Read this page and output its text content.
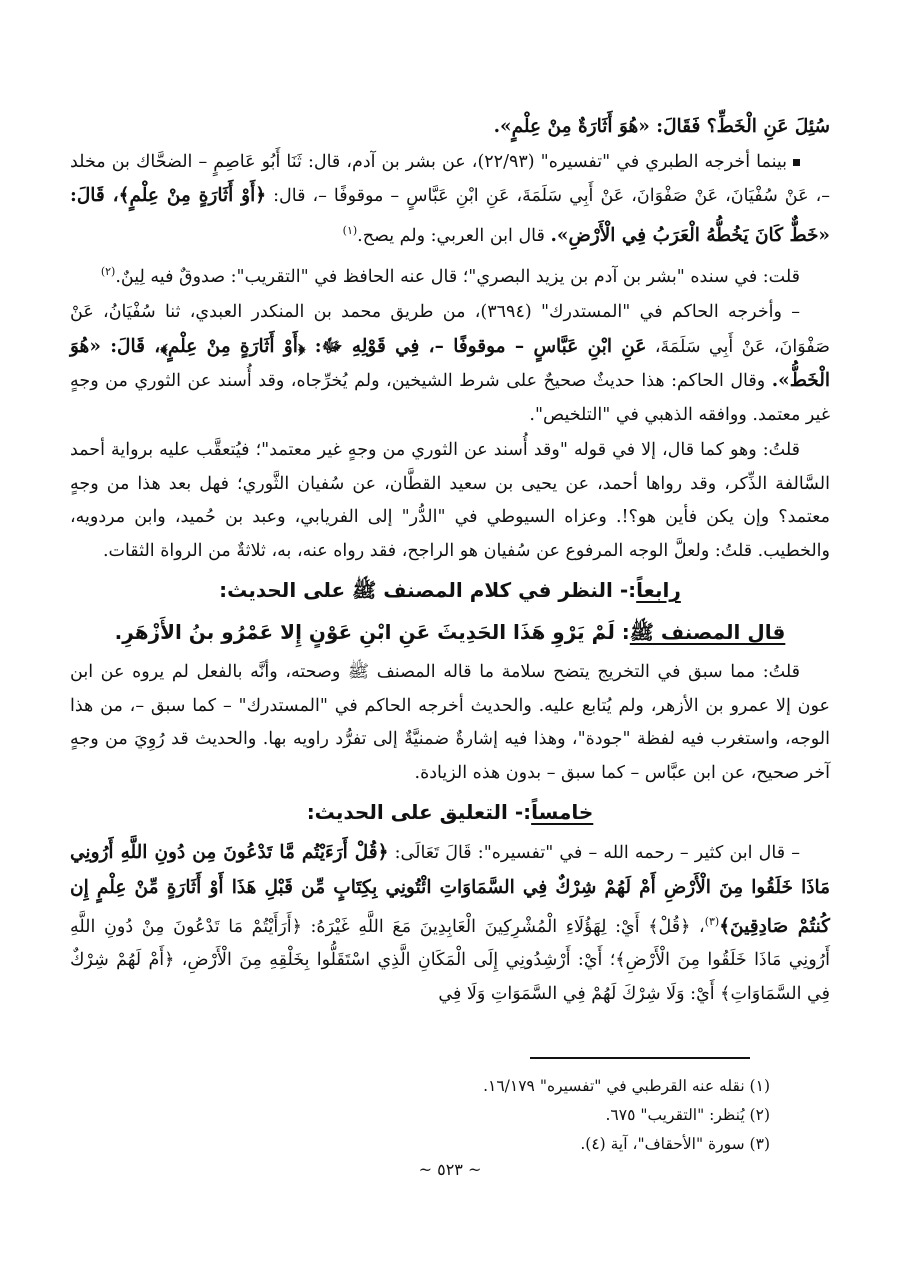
سُئِلَ عَنِ الْخَطِّ؟ فَقَالَ: «هُوَ أَثَارَةٌ مِنْ عِلْمٍ».

بينما أخرجه الطبري في "تفسيره" (٢٢/٩٣)، عن بشر بن آدم، قال: ثَنَا أَبُو عَاصِمٍ – الضحَّاك بن مخلد –، عَنْ سُفْيَانَ، عَنْ صَفْوَانَ، عَنْ أَبِي سَلَمَةَ، عَنِ ابْنِ عَبَّاسٍ – موقوفًا –، قال: ﴿أَوْ أَثَارَةٍ مِنْ عِلْمٍ﴾، قَالَ: «خَطٌّ كَانَ يَخُطُّهُ الْعَرَبُ فِي الْأَرْضِ». قال ابن العربي: ولم يصح.$^{(١)}$

قلت: في سنده "بشر بن آدم بن يزيد البصري"؛ قال عنه الحافظ في "التقريب": صدوقٌ فيه لِينٌ.$^{(٢)}$

– وأخرجه الحاكم في "المستدرك" (٣٦٩٤)، من طريق محمد بن المنكدر العبدي، ثنا سُفْيَانُ، عَنْ صَفْوَانَ، عَنْ أَبِي سَلَمَةَ، عَنِ ابْنِ عَبَّاسٍ – موقوفًا –، فِي قَوْلِهِ ﷻ: ﴿أَوْ أَثَارَةٍ مِنْ عِلْمٍ﴾، قَالَ: «هُوَ الْخَطُّ». وقال الحاكم: هذا حديثٌ صحيحٌ على شرط الشيخين، ولم يُخرِّجاه، وقد أُسند عن الثوري من وجهٍ غير معتمد. ووافقه الذهبي في "التلخيص".

قلتُ: وهو كما قال، إلا في قوله "وقد أُسند عن الثوري من وجهٍ غير معتمد"؛ فيُتعقَّب عليه برواية أحمد السَّالفة الذِّكر، وقد رواها أحمد، عن يحيى بن سعيد القطَّان، عن سُفيان الثَّوري؛ فهل بعد هذا من وجهٍ معتمد؟ وإن يكن فأين هو؟!. وعزاه السيوطي في "الدُّر" إلى الفريابي، وعبد بن حُميد، وابن مردويه، والخطيب. قلتُ: ولعلَّ الوجه المرفوع عن سُفيان هو الراجح، فقد رواه عنه، به، ثلاثةٌ من الرواة الثقات.

رابعاً:- النظر في كلام المصنف ﷺ على الحديث:

قال المصنف ﷺ: لَمْ يَرْوِ هَذَا الحَدِيثَ عَنِ ابْنِ عَوْنٍ إِلا عَمْرُو بنُ الأَزْهَرِ.

قلتُ: مما سبق في التخريج يتضح سلامة ما قاله المصنف ﷺ وصحته، وأنَّه بالفعل لم يروه عن ابن عون إلا عمرو بن الأزهر، ولم يُتابع عليه. والحديث أخرجه الحاكم في "المستدرك" – كما سبق –، من هذا الوجه، واستغرب فيه لفظة "جودة"، وهذا فيه إشارةٌ ضمنيَّةٌ إلى تفرُّد راويه بها. والحديث قد رُوِيَ من وجهٍ آخر صحيح، عن ابن عبَّاس – كما سبق – بدون هذه الزيادة.

خامساً:- التعليق على الحديث:

– قال ابن كثير – رحمه الله – في "تفسيره": قَالَ تَعَالَى: ﴿قُلْ أَرَءَيْتُم مَّا تَدْعُونَ مِن دُونِ اللَّهِ أَرُونِي مَاذَا خَلَقُوا مِنَ الْأَرْضِ أَمْ لَهُمْ شِرْكٌ فِي السَّمَاوَاتِ ائْتُونِي بِكِتَابٍ مِّن قَبْلِ هَذَا أَوْ أَثَارَةٍ مِّنْ عِلْمٍ إِن كُنتُمْ صَادِقِينَ﴾$^{(٣)}$، ﴿قُلْ﴾ أَيْ: لِهَؤُلَاءِ الْمُشْرِكِينَ الْعَابِدِينَ مَعَ اللَّهِ غَيْرَهُ: ﴿أَرَأَيْتُمْ مَا تَدْعُونَ مِنْ دُونِ اللَّهِ أَرُونِي مَاذَا خَلَقُوا مِنَ الْأَرْضِ﴾؛ أَيْ: أَرْشِدُونِي إِلَى الْمَكَانِ الَّذِي اسْتَقَلُّوا بِخَلْقِهِ مِنَ الْأَرْضِ، ﴿أَمْ لَهُمْ شِرْكٌ فِي السَّمَاوَاتِ﴾ أَيْ: وَلَا شِرْكَ لَهُمْ فِي السَّمَوَاتِ وَلَا فِي

(١) نقله عنه القرطبي في "تفسيره" ١٦/١٧٩.

(٢) يُنظر: "التقريب" ٦٧٥.

(٣) سورة "الأحقاف"، آية (٤).

~ ٥٢٣ ~
